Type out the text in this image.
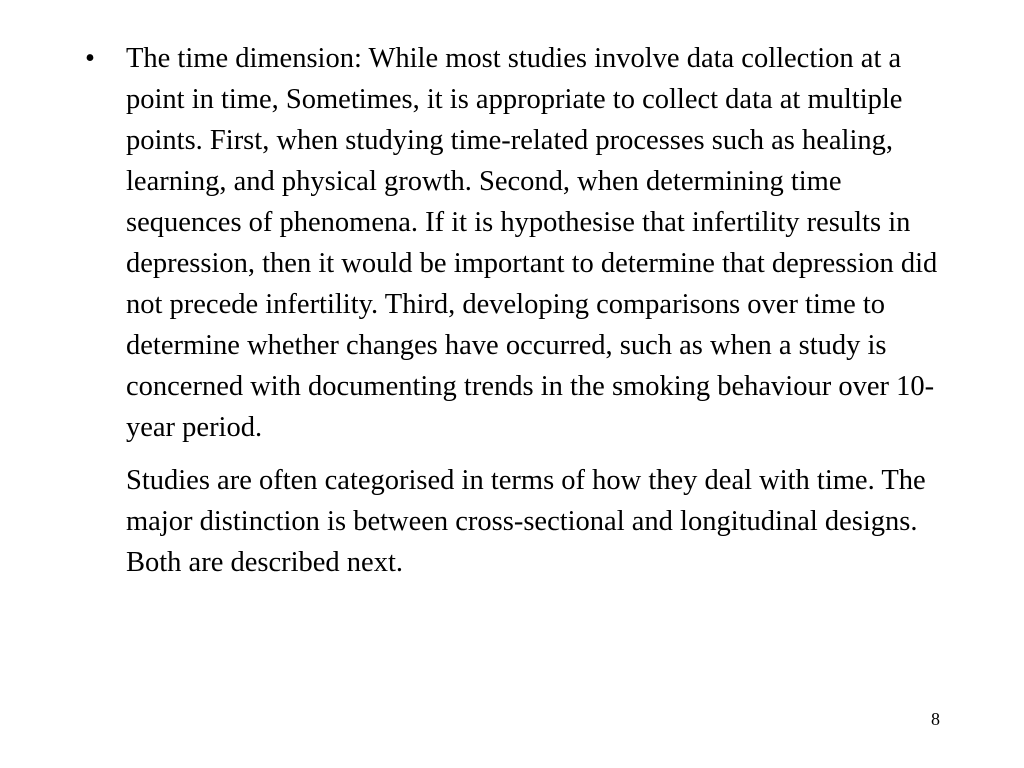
•	The time dimension: While most studies involve data collection at a point in time, Sometimes, it is appropriate to collect data at multiple points. First, when studying time-related processes such as healing, learning, and physical growth. Second, when determining time sequences of phenomena. If it is hypothesise that infertility results in depression, then it would be important to determine that depression did not precede infertility. Third, developing comparisons over time to determine whether changes have occurred, such as when a study is concerned with documenting trends in the smoking behaviour over 10-year period.
Studies are often categorised in terms of how they deal with time. The major distinction is between cross-sectional and longitudinal designs. Both are described next.
8
